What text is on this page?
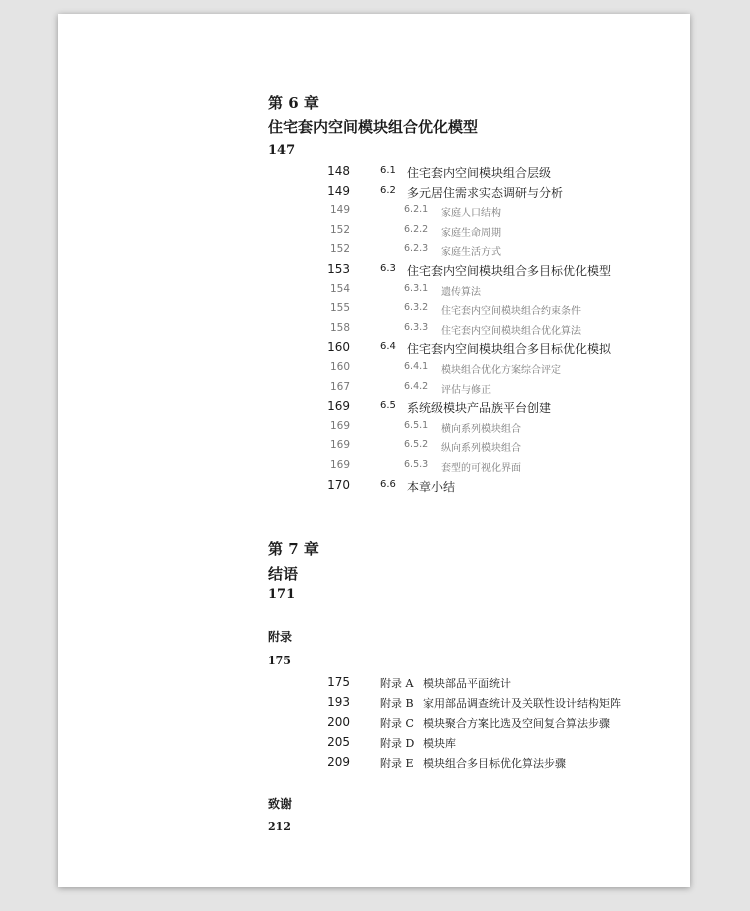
第 6 章
住宅套内空间模块组合优化模型
147
148	6.1 住宅套内空间模块组合层级
149	6.2 多元居住需求实态调研与分析
149	6.2.1 家庭人口结构
152	6.2.2 家庭生命周期
152	6.2.3 家庭生活方式
153	6.3 住宅套内空间模块组合多目标优化模型
154	6.3.1 遗传算法
155	6.3.2 住宅套内空间模块组合约束条件
158	6.3.3 住宅套内空间模块组合优化算法
160	6.4 住宅套内空间模块组合多目标优化模拟
160	6.4.1 模块组合优化方案综合评定
167	6.4.2 评估与修正
169	6.5 系统级模块产品族平台创建
169	6.5.1 横向系列模块组合
169	6.5.2 纵向系列模块组合
169	6.5.3 套型的可视化界面
170	6.6 本章小结
第 7 章
结语
171
附录
175
175	附录 A 模块部品平面统计
193	附录 B 家用部品调查统计及关联性设计结构矩阵
200	附录 C 模块聚合方案比选及空间复合算法步骤
205	附录 D 模块库
209	附录 E 模块组合多目标优化算法步骤
致谢
212
